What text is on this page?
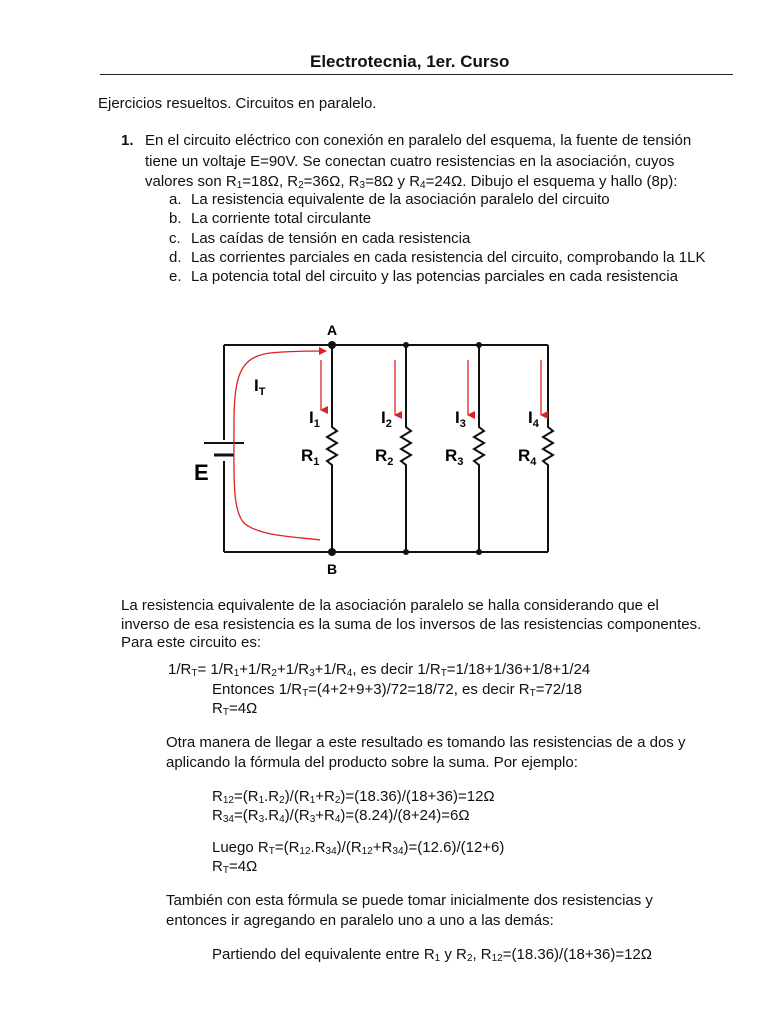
Electrotecnia, 1er. Curso
Ejercicios resueltos. Circuitos en paralelo.
1. En el circuito eléctrico con conexión en paralelo del esquema, la fuente de tensión
tiene un voltaje E=90V. Se conectan cuatro resistencias en la asociación, cuyos
valores son $R_1=18\Omega$, $R_2=36\Omega$, $R_3=8\Omega$ y $R_4=24\Omega$. Dibujo el esquema y hallo (8p):
a. La resistencia equivalente de la asociación paralelo del circuito
b. La corriente total circulante
c. Las caídas de tensión en cada resistencia
d. Las corrientes parciales en cada resistencia del circuito, comprobando la 1LK
e. La potencia total del circuito y las potencias parciales en cada resistencia
A
B
E
$I_T$
$I_1$	$I_2$	$I_3$	$I_4$
$R_1$	$R_2$	$R_3$	$R_4$
La resistencia equivalente de la asociación paralelo se halla considerando que el
inverso de esa resistencia es la suma de los inversos de las resistencias componentes.
Para este circuito es:
$1/R_T= 1/R_1+1/R_2+1/R_3+1/R_4$, es decir $1/R_T=1/18+1/36+1/8+1/24$
Entonces $1/R_T=(4+2+9+3)/72=18/72$, es decir $R_T=72/18$
$R_T=4\Omega$
Otra manera de llegar a este resultado es tomando las resistencias de a dos y
aplicando la fórmula del producto sobre la suma. Por ejemplo:
$R_{12}=(R_1.R_2)/(R_1+R_2)=(18.36)/(18+36)=12\Omega$
$R_{34}=(R_3.R_4)/(R_3+R_4)=(8.24)/(8+24)=6\Omega$
Luego $R_T=(R_{12}.R_{34})/(R_{12}+R_{34})=(12.6)/(12+6)$
$R_T=4\Omega$
También con esta fórmula se puede tomar inicialmente dos resistencias y
entonces ir agregando en paralelo uno a uno a las demás:
Partiendo del equivalente entre $R_1$ y $R_2$, $R_{12}=(18.36)/(18+36)=12\Omega$
